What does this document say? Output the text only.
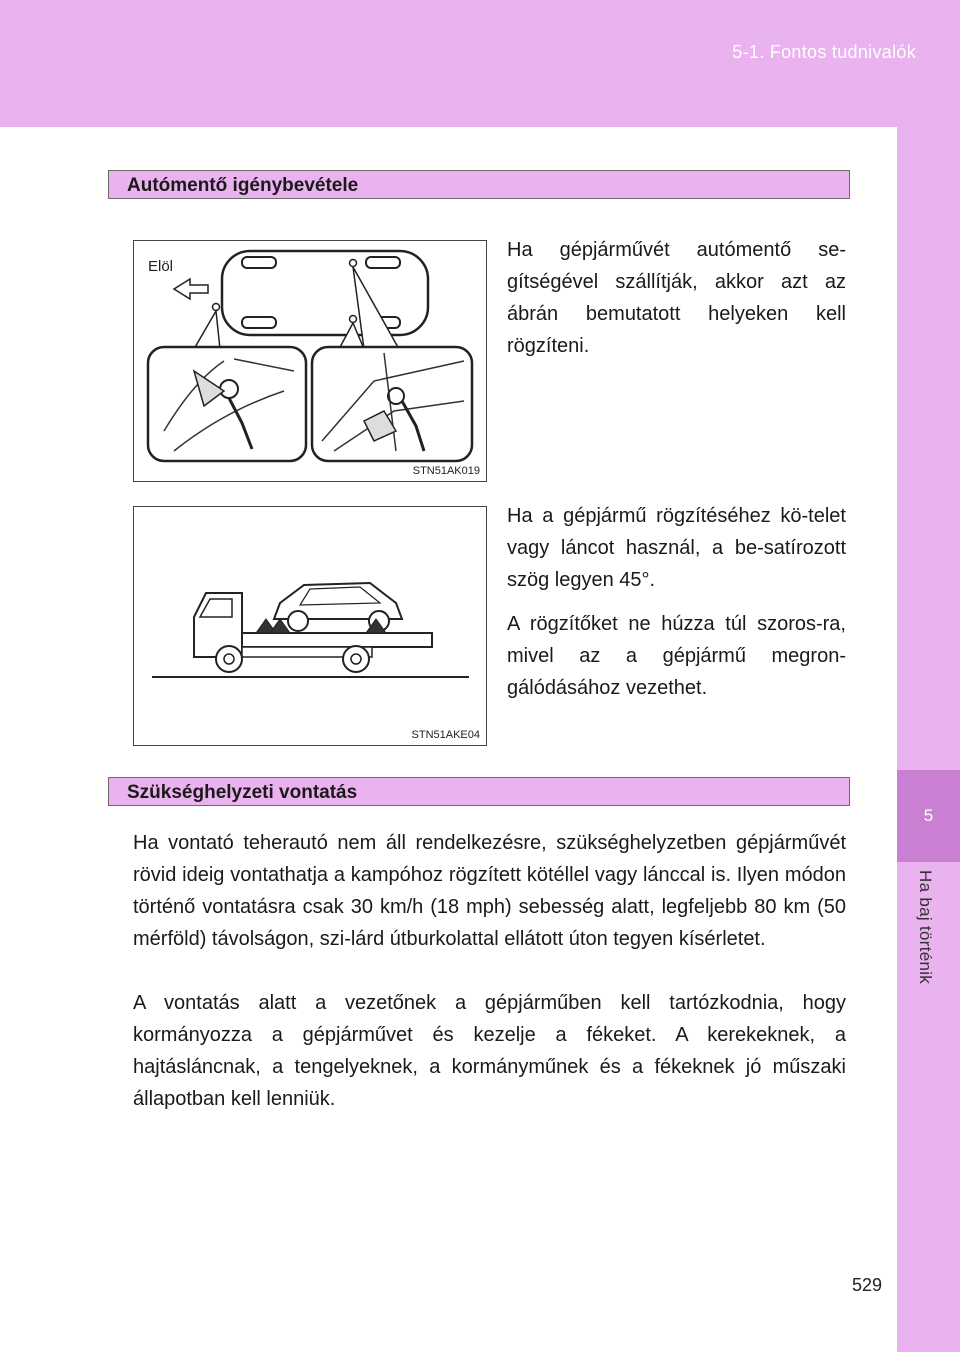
5-1. Fontos tudnivalók
5
Ha baj történik
Autómentő igénybevétele
Elöl
STN51AK019

Ha gépjárművét autómentő se-gítségével szállítják, akkor azt az ábrán bemutatott helyeken kell rögzíteni.

STN51AKE04

Ha a gépjármű rögzítéséhez kö-telet vagy láncot használ, a be-satírozott szög legyen 45°.

A rögzítőket ne húzza túl szoros-ra, mivel az a gépjármű megron-gálódásához vezethet.

Szükséghelyzeti vontatás

Ha vontató teherautó nem áll rendelkezésre, szükséghelyzetben gépjárművét rövid ideig vontathatja a kampóhoz rögzített kötéllel vagy lánccal is. Ilyen módon történő vontatásra csak 30 km/h (18 mph) sebesség alatt, legfeljebb 80 km (50 mérföld) távolságon, szi-lárd útburkolattal ellátott úton tegyen kísérletet.

A vontatás alatt a vezetőnek a gépjárműben kell tartózkodnia, hogy kormányozza a gépjárművet és kezelje a fékeket. A kerekeknek, a hajtásláncnak, a tengelyeknek, a kormányműnek és a fékeknek jó műszaki állapotban kell lenniük.

529
